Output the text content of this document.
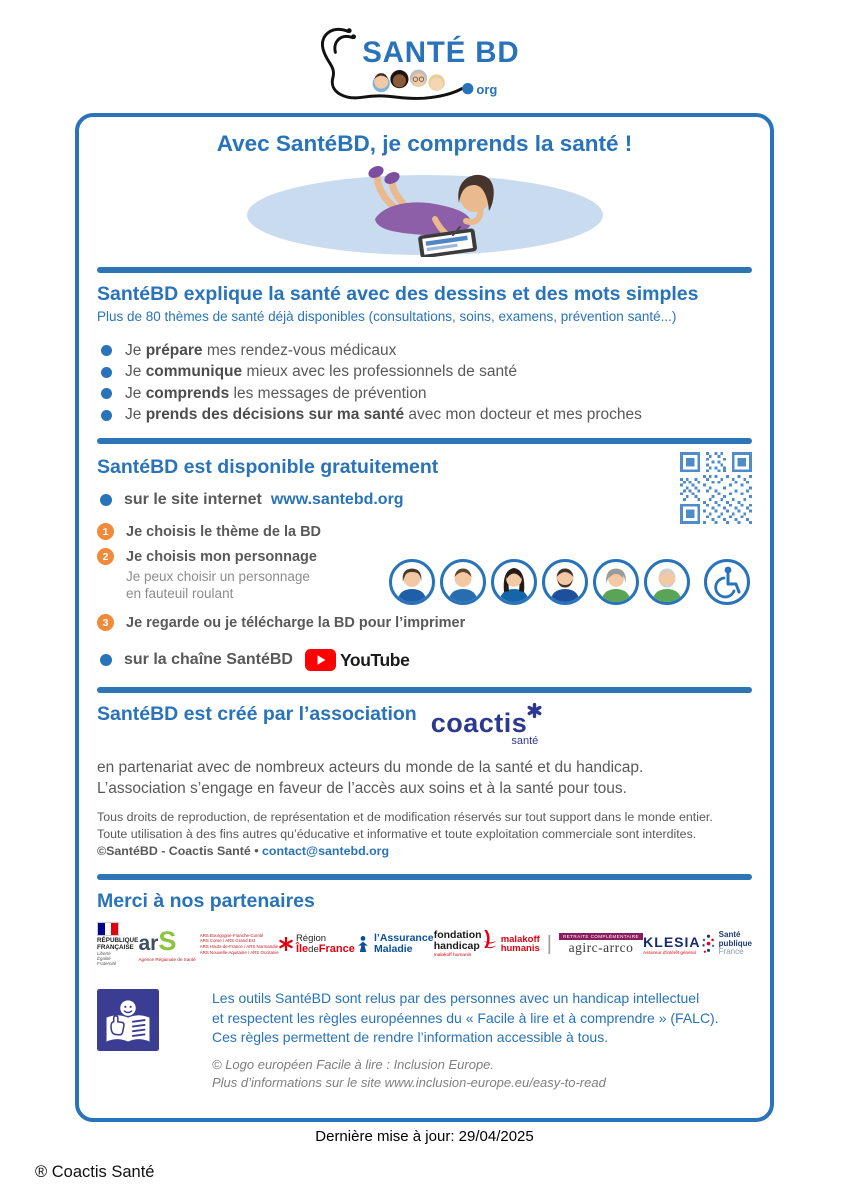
SANTÉ BD
org
Avec SantéBD, je comprends la santé !
SantéBD explique la santé avec des dessins et des mots simples
Plus de 80 thèmes de santé déjà disponibles (consultations, soins, examens, prévention santé...)
Je prépare mes rendez-vous médicaux
Je communique mieux avec les professionnels de santé
Je comprends les messages de prévention
Je prends des décisions sur ma santé avec mon docteur et mes proches
SantéBD est disponible gratuitement
sur le site internet www.santebd.org
1	Je choisis le thème de la BD
2	Je choisis mon personnage
Je peux choisir un personnage
en fauteuil roulant
3	Je regarde ou je télécharge la BD pour l’imprimer
sur la chaîne SantéBD	YouTube
SantéBD est créé par l’association coactis
santé
en partenariat avec de nombreux acteurs du monde de la santé et du handicap.
L’association s’engage en faveur de l’accès aux soins et à la santé pour tous.
Tous droits de reproduction, de représentation et de modification réservés sur tout support dans le monde entier.
Toute utilisation à des fins autres qu’éducative et informative et toute exploitation commerciale sont interdites.
©SantéBD - Coactis Santé • contact@santebd.org
Merci à nos partenaires
RÉPUBLIQUE
FRANÇAISE
Liberté
Égalité
Fraternité
arS
Agence Régionale de Santé
ARS Bourgogne-Franche-Comté
ARS Corse / ARS Grand Est
ARS Hauts-de-France / ARS Normandie
ARS Nouvelle-Aquitaine / ARS Occitanie
Région
ÎledeFrance
l’Assurance
Maladie
fondation
handicap )
malakoff humanis
malakoff
humanis |	RETRAITE COMPLÉMENTAIRE
agirc-arrco KLESIA
Assureur d’intérêt général
Santé
publique
France
Les outils SantéBD sont relus par des personnes avec un handicap intellectuel
et respectent les règles européennes du « Facile à lire et à comprendre » (FALC).
Ces règles permettent de rendre l’information accessible à tous.
© Logo européen Facile à lire : Inclusion Europe.
Plus d’informations sur le site www.inclusion-europe.eu/easy-to-read
Dernière mise à jour: 29/04/2025
® Coactis Santé
